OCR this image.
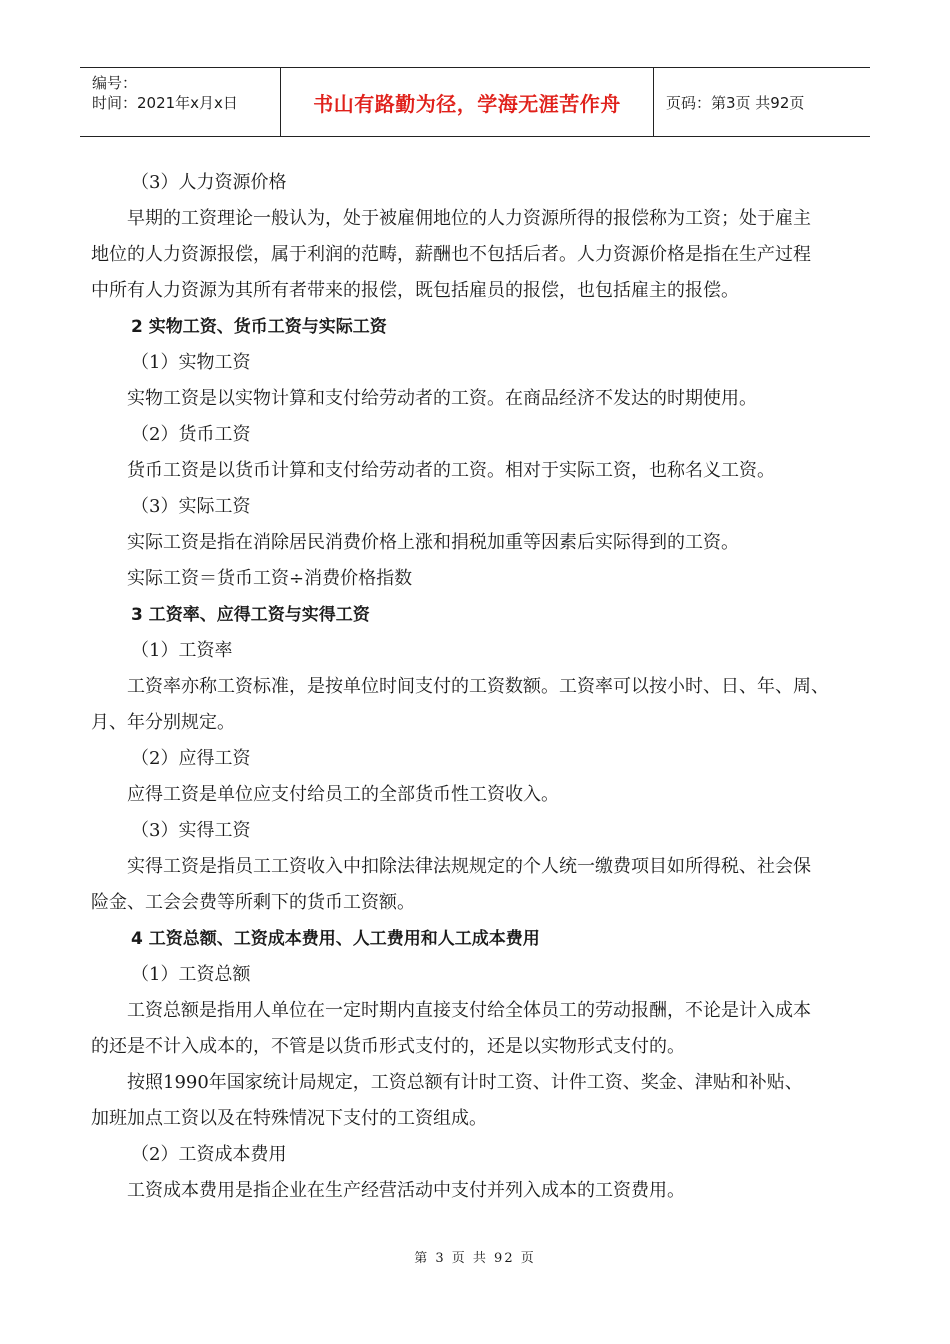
编号：
时间：2021年x月x日	书山有路勤为径，学海无涯苦作舟	页码：第3页 共92页
（3）人力资源价格
早期的工资理论一般认为，处于被雇佣地位的人力资源所得的报偿称为工资；处于雇主
地位的人力资源报偿，属于利润的范畴，薪酬也不包括后者。人力资源价格是指在生产过程
中所有人力资源为其所有者带来的报偿，既包括雇员的报偿，也包括雇主的报偿。
2 实物工资、货币工资与实际工资
（1）实物工资
实物工资是以实物计算和支付给劳动者的工资。在商品经济不发达的时期使用。
（2）货币工资
货币工资是以货币计算和支付给劳动者的工资。相对于实际工资，也称名义工资。
（3）实际工资
实际工资是指在消除居民消费价格上涨和捐税加重等因素后实际得到的工资。
实际工资＝货币工资÷消费价格指数
3 工资率、应得工资与实得工资
（1）工资率
工资率亦称工资标准，是按单位时间支付的工资数额。工资率可以按小时、日、年、周、
月、年分别规定。
（2）应得工资
应得工资是单位应支付给员工的全部货币性工资收入。
（3）实得工资
实得工资是指员工工资收入中扣除法律法规规定的个人统一缴费项目如所得税、社会保
险金、工会会费等所剩下的货币工资额。
4 工资总额、工资成本费用、人工费用和人工成本费用
（1）工资总额
工资总额是指用人单位在一定时期内直接支付给全体员工的劳动报酬，不论是计入成本
的还是不计入成本的，不管是以货币形式支付的，还是以实物形式支付的。
按照1990年国家统计局规定，工资总额有计时工资、计件工资、奖金、津贴和补贴、
加班加点工资以及在特殊情况下支付的工资组成。
（2）工资成本费用
工资成本费用是指企业在生产经营活动中支付并列入成本的工资费用。
第 3 页 共 92 页
